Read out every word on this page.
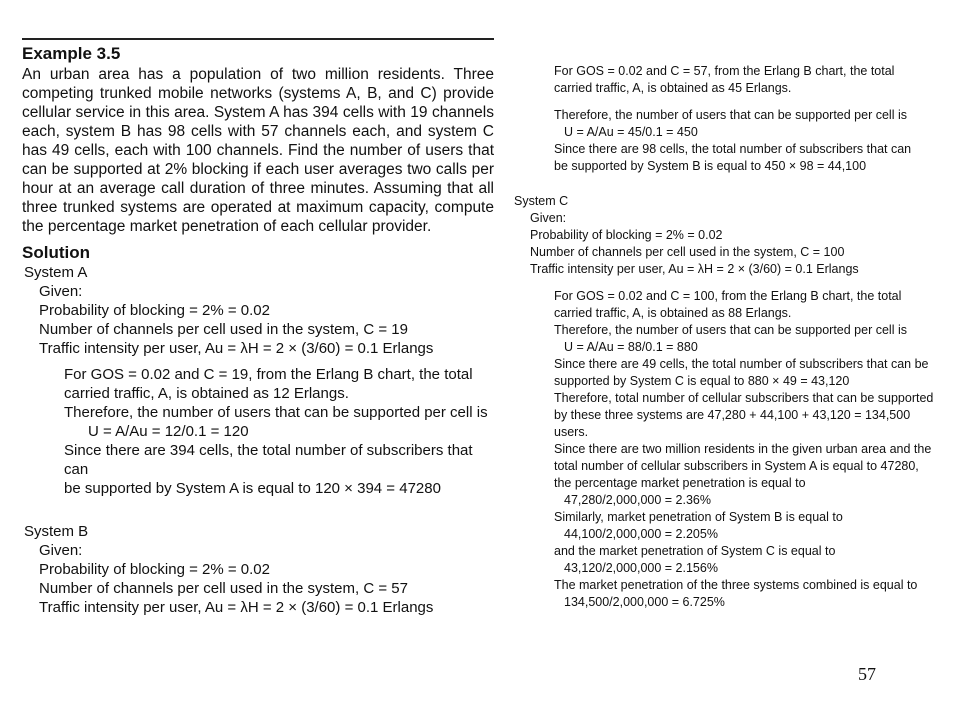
Example 3.5
An urban area has a population of two million residents. Three competing trunked mobile networks (systems A, B, and C) provide cellular service in this area. System A has 394 cells with 19 channels each, system B has 98 cells with 57 channels each, and system C has 49 cells, each with 100 channels. Find the number of users that can be supported at 2% blocking if each user averages two calls per hour at an average call duration of three minutes. Assuming that all three trunked systems are operated at maximum capacity, compute the percentage market penetration of each cellular provider.
Solution
System A
Given:
Probability of blocking = 2% = 0.02
Number of channels per cell used in the system, C = 19
Traffic intensity per user, Au = λH = 2 × (3/60) = 0.1 Erlangs
For GOS = 0.02 and C = 19, from the Erlang B chart, the total
carried traffic, A, is obtained as 12 Erlangs.
Therefore, the number of users that can be supported per cell is
U = A/Au = 12/0.1 = 120
Since there are 394 cells, the total number of subscribers that can
be supported by System A is equal to 120 × 394 = 47280
System B
Given:
Probability of blocking = 2% = 0.02
Number of channels per cell used in the system, C = 57
Traffic intensity per user, Au = λH = 2 × (3/60) = 0.1 Erlangs
For GOS = 0.02 and C = 57, from the Erlang B chart, the total
carried traffic, A, is obtained as 45 Erlangs.
Therefore, the number of users that can be supported per cell is
U = A/Au = 45/0.1 = 450
Since there are 98 cells, the total number of subscribers that can
be supported by System B is equal to 450 × 98 = 44,100
System C
Given:
Probability of blocking = 2% = 0.02
Number of channels per cell used in the system, C = 100
Traffic intensity per user, Au = λH = 2 × (3/60) = 0.1 Erlangs
For GOS = 0.02 and C = 100, from the Erlang B chart, the total
carried traffic, A, is obtained as 88 Erlangs.
Therefore, the number of users that can be supported per cell is
U = A/Au = 88/0.1 = 880
Since there are 49 cells, the total number of subscribers that can be
supported by System C is equal to 880 × 49 = 43,120
Therefore, total number of cellular subscribers that can be supported
by these three systems are 47,280 + 44,100 + 43,120 = 134,500
users.
Since there are two million residents in the given urban area and the
total number of cellular subscribers in System A is equal to 47280,
the percentage market penetration is equal to
47,280/2,000,000 = 2.36%
Similarly, market penetration of System B is equal to
44,100/2,000,000 = 2.205%
and the market penetration of System C is equal to
43,120/2,000,000 = 2.156%
The market penetration of the three systems combined is equal to
134,500/2,000,000 = 6.725%
57
